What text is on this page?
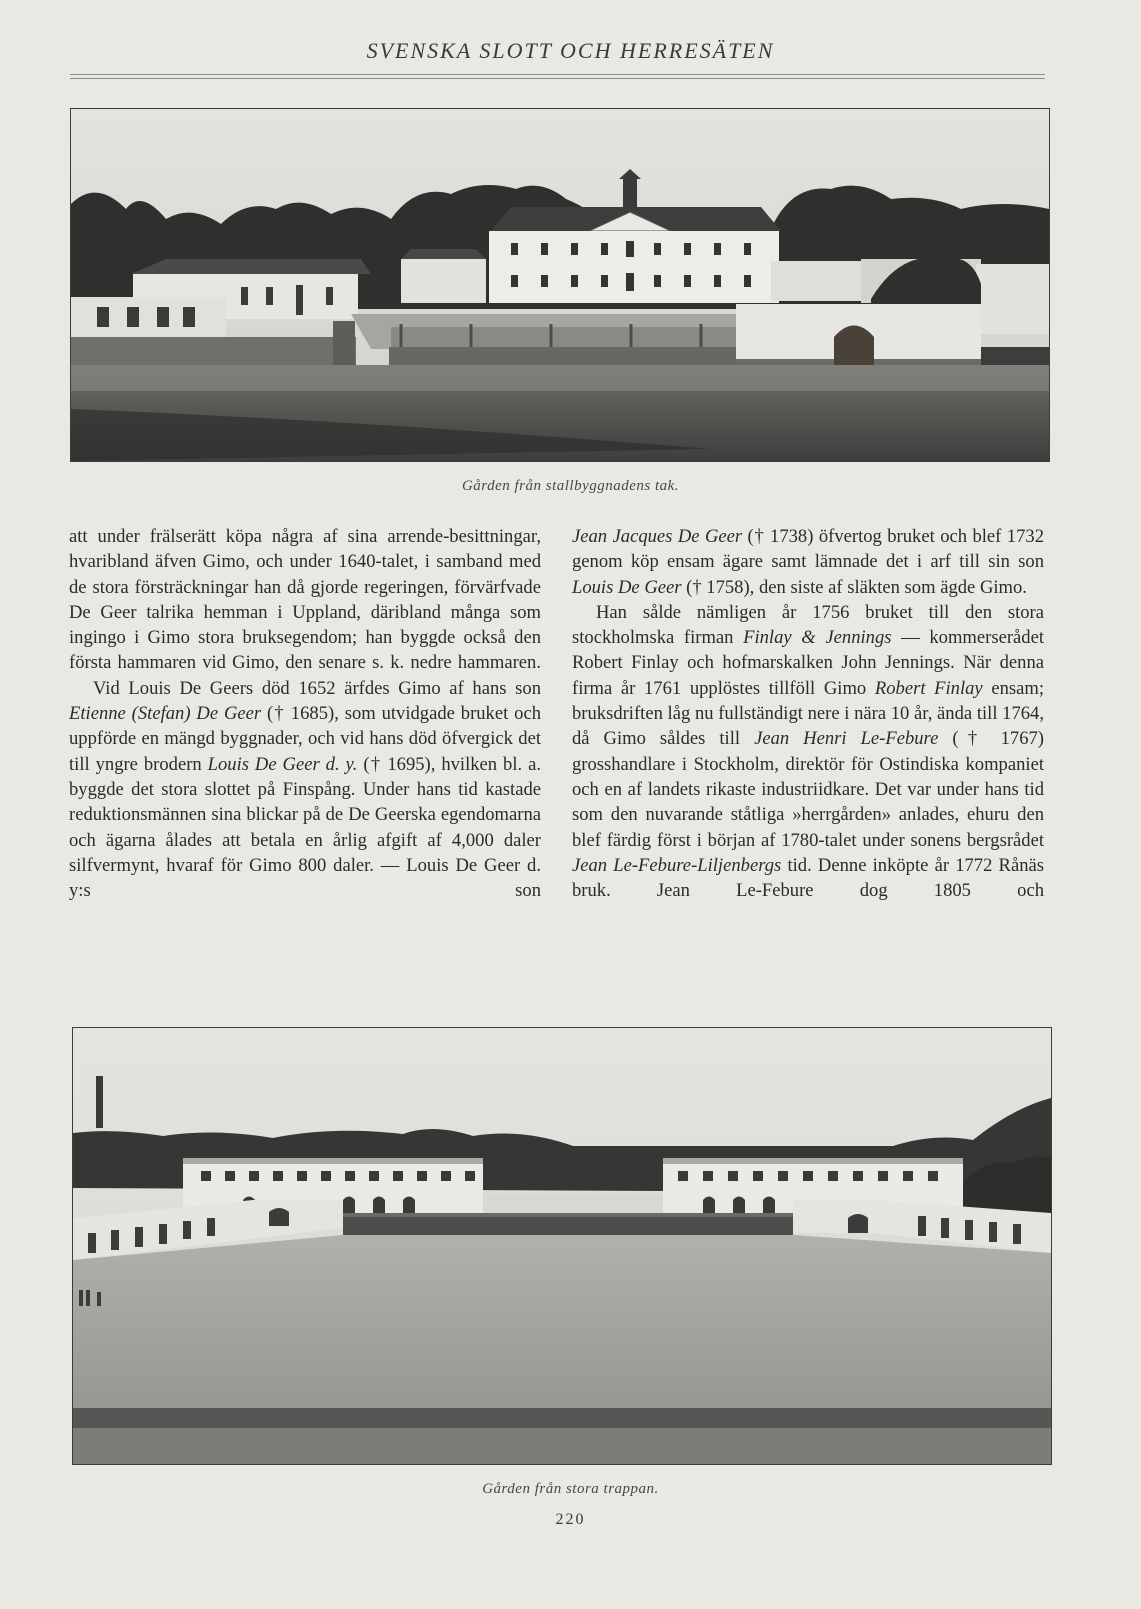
SVENSKA SLOTT OCH HERRESÄTEN
Gården från stallbyggnadens tak.

att under frälserätt köpa några af sina arrende-besittningar, hvaribland äfven Gimo, och under 1640-talet, i samband med de stora försträckningar han då gjorde regeringen, förvärfvade De Geer talrika hemman i Uppland, däribland många som ingingo i Gimo stora bruksegendom; han byggde också den första hammaren vid Gimo, den senare s. k. nedre hammaren.

Vid Louis De Geers död 1652 ärfdes Gimo af hans son Etienne (Stefan) De Geer († 1685), som utvidgade bruket och uppförde en mängd byggnader, och vid hans död öfvergick det till yngre brodern Louis De Geer d. y. († 1695), hvilken bl. a. byggde det stora slottet på Finspång. Under hans tid kastade reduktionsmännen sina blickar på de De Geerska egendomarna och ägarna ålades att betala en årlig afgift af 4,000 daler silfvermynt, hvaraf för Gimo 800 daler. — Louis De Geer d. y:s son

Jean Jacques De Geer († 1738) öfvertog bruket och blef 1732 genom köp ensam ägare samt lämnade det i arf till sin son Louis De Geer († 1758), den siste af släkten som ägde Gimo.

Han sålde nämligen år 1756 bruket till den stora stockholmska firman Finlay & Jennings — kommerserådet Robert Finlay och hofmarskalken John Jennings. När denna firma år 1761 upplöstes tillföll Gimo Robert Finlay ensam; bruksdriften låg nu fullständigt nere i nära 10 år, ända till 1764, då Gimo såldes till Jean Henri Le-Febure († 1767) grosshandlare i Stockholm, direktör för Ostindiska kompaniet och en af landets rikaste industriidkare. Det var under hans tid som den nuvarande ståtliga »herrgården» anlades, ehuru den blef färdig först i början af 1780-talet under sonens bergsrådet Jean Le-Febure-Liljenbergs tid. Denne inköpte år 1772 Rånäs bruk. Jean Le-Febure dog 1805 och

Gården från stora trappan.
220
